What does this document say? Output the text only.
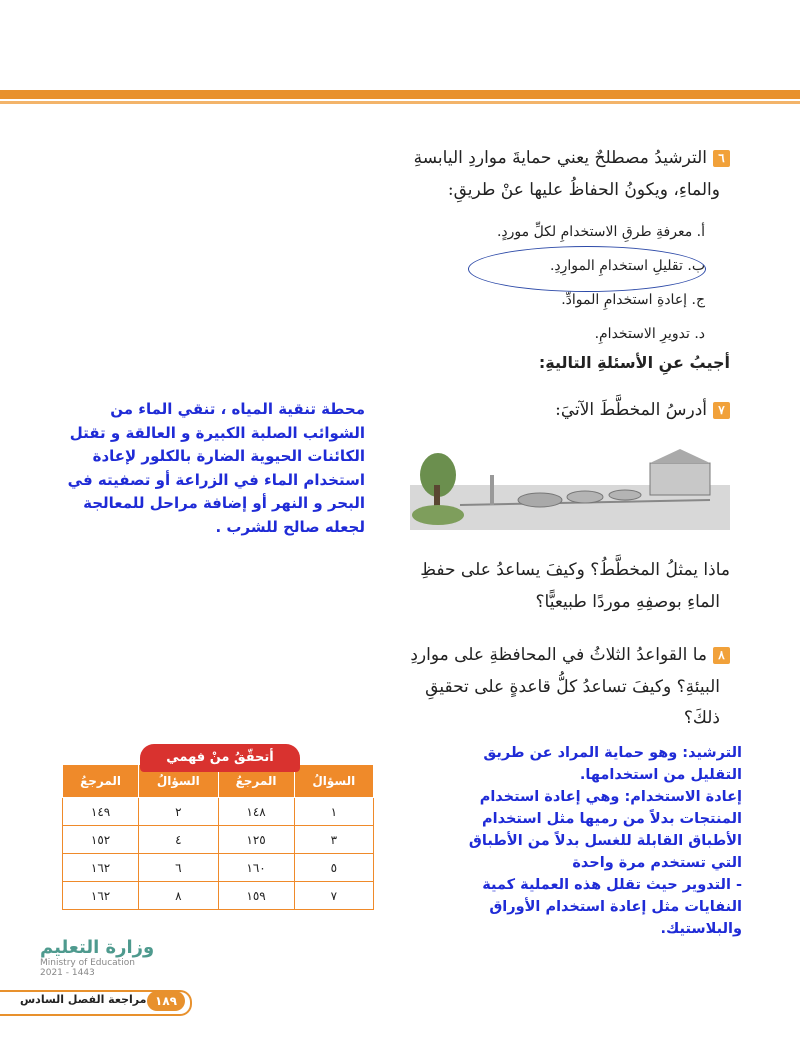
٦الترشيدُ مصطلحٌ يعني حمايةَ مواردِ اليابسةِ
والماءِ، ويكونُ الحفاظُ عليها عنْ طريقِ:
أ. معرفةِ طرقِ الاستخدامِ لكلِّ موردٍ.
ب. تقليلِ استخدامِ الموارِدِ.
ج. إعادةِ استخدامِ الموادِّ.
د. تدويرِ الاستخدامِ.
أجيبُ عنِ الأسئلةِ التاليةِ:
٧أدرسُ المخطَّطَ الآتيَ:
ماذا يمثلُ المخطَّطُ؟ وكيفَ يساعدُ على حفظِ
الماءِ بوصفِهِ موردًا طبيعيًّا؟
٨ما القواعدُ الثلاثُ في المحافظةِ على مواردِ
البيئةِ؟ وكيفَ تساعدُ كلُّ قاعدةٍ على تحقيقِ
ذلكَ؟
محطة تنقية المياه ، تنقي الماء من الشوائب الصلبة الكبيرة و العالقة و تقتل الكائنات الحيوية الضارة بالكلور لإعادة استخدام الماء في الزراعة أو تصفيته في البحر و النهر أو إضافة مراحل للمعالجة لجعله صالح للشرب .
الترشيد: وهو حماية المراد عن طريق التقليل من استخدامها.
إعادة الاستخدام: وهي إعادة استخدام المنتجات بدلاً من رميها مثل استخدام الأطباق القابلة للغسل بدلاً من الأطباق التي تستخدم مرة واحدة
- التدوير حيث تقلل هذه العملية كمية النفايات مثل إعادة استخدام الأوراق والبلاستيك.
السؤالُ	المرجعُ	السؤالُ	المرجعُ
١	١٤٨	٢	١٤٩
٣	١٢٥	٤	١٥٢
٥	١٦٠	٦	١٦٢
٧	١٥٩	٨	١٦٢
أتحقّقُ منْ فهمي
وزارة التعليم
Ministry of Education
2021 - 1443
مراجعة الفصل السادس ١٨٩
